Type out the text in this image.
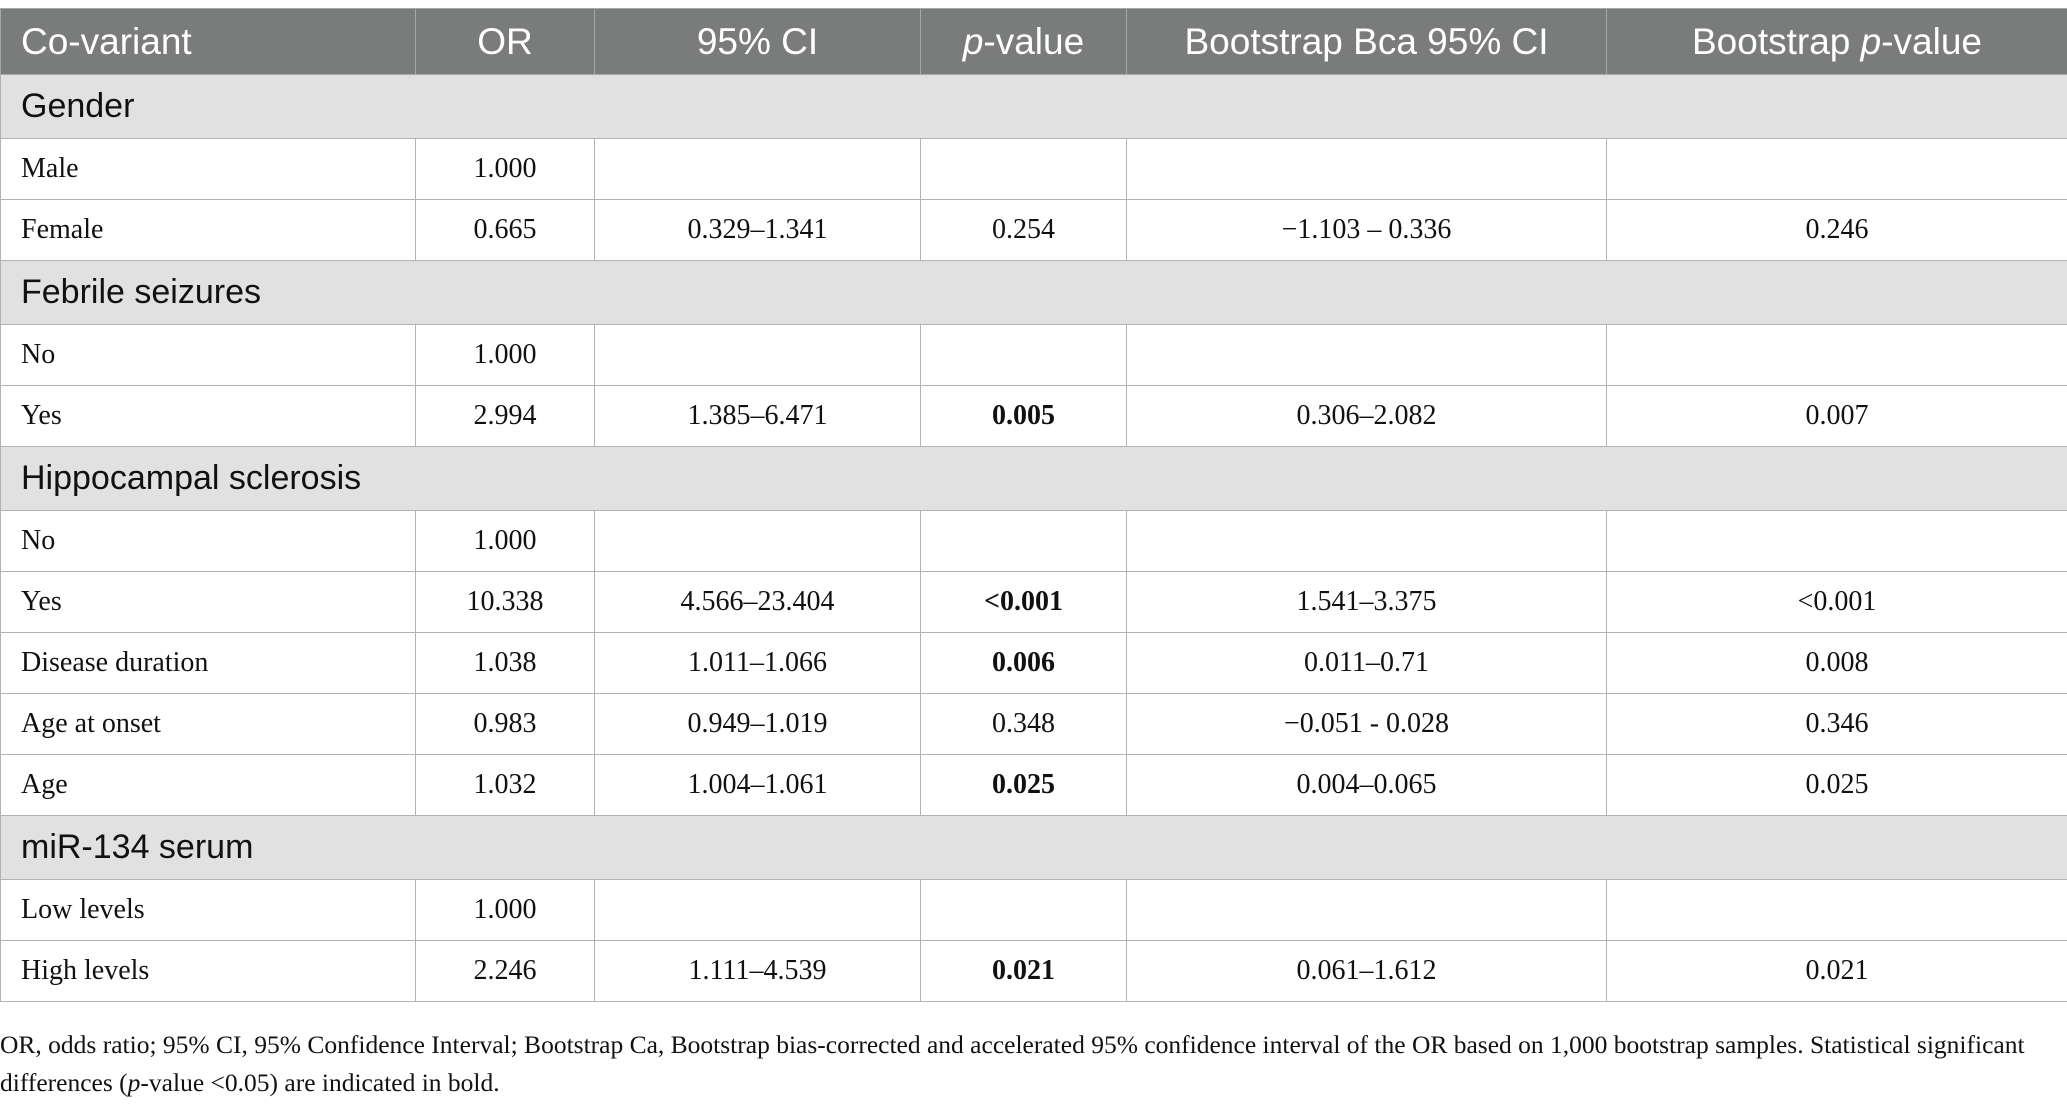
Co-variant	OR	95% CI	p-value	Bootstrap Bca 95% CI	Bootstrap p-value
Gender					
Male	1.000				
Female	0.665	0.329–1.341	0.254	−1.103 – 0.336	0.246
Febrile seizures					
No	1.000				
Yes	2.994	1.385–6.471	0.005	0.306–2.082	0.007
Hippocampal sclerosis					
No	1.000				
Yes	10.338	4.566–23.404	<0.001	1.541–3.375	<0.001
Disease duration	1.038	1.011–1.066	0.006	0.011–0.71	0.008
Age at onset	0.983	0.949–1.019	0.348	−0.051 - 0.028	0.346
Age	1.032	1.004–1.061	0.025	0.004–0.065	0.025
miR-134 serum					
Low levels	1.000				
High levels	2.246	1.111–4.539	0.021	0.061–1.612	0.021
OR, odds ratio; 95% CI, 95% Confidence Interval; Bootstrap Ca, Bootstrap bias-corrected and accelerated 95% confidence interval of the OR based on 1,000 bootstrap samples. Statistical significant differences (p-value <0.05) are indicated in bold.
